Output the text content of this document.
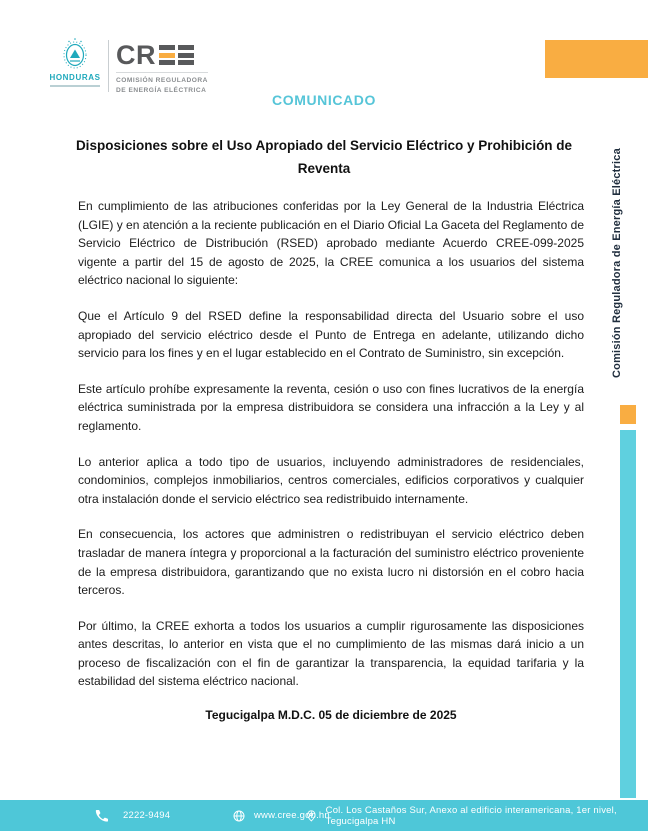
HONDURAS
CR
COMISIÓN REGULADORA
DE ENERGÍA ELÉCTRICA
COMUNICADO
Disposiciones sobre el Uso Apropiado del Servicio Eléctrico y Prohibición de Reventa

En cumplimiento de las atribuciones conferidas por la Ley General de la Industria Eléctrica (LGIE) y en atención a la reciente publicación en el Diario Oficial La Gaceta del Reglamento de Servicio Eléctrico de Distribución (RSED) aprobado mediante Acuerdo CREE-099-2025 vigente a partir del 15 de agosto de 2025, la CREE comunica a los usuarios del sistema eléctrico nacional lo siguiente:

Que el Artículo 9 del RSED define la responsabilidad directa del Usuario sobre el uso apropiado del servicio eléctrico desde el Punto de Entrega en adelante, utilizando dicho servicio para los fines y en el lugar establecido en el Contrato de Suministro, sin excepción.

Este artículo prohíbe expresamente la reventa, cesión o uso con fines lucrativos de la energía eléctrica suministrada por la empresa distribuidora se considera una infracción a la Ley y al reglamento.

Lo anterior aplica a todo tipo de usuarios, incluyendo administradores de residenciales, condominios, complejos inmobiliarios, centros comerciales, edificios corporativos y cualquier otra instalación donde el servicio eléctrico sea redistribuido internamente.

En consecuencia, los actores que administren o redistribuyan el servicio eléctrico deben trasladar de manera íntegra y proporcional a la facturación del suministro eléctrico proveniente de la empresa distribuidora, garantizando que no exista lucro ni distorsión en el cobro hacia terceros.

Por último, la CREE exhorta a todos los usuarios a cumplir rigurosamente las disposiciones antes descritas, lo anterior en vista que el no cumplimiento de las mismas dará inicio a un proceso de fiscalización con el fin de garantizar la transparencia, la equidad tarifaria y la estabilidad del sistema eléctrico nacional.

Tegucigalpa M.D.C. 05 de diciembre de 2025
Comisión Reguladora de Energía Eléctrica
2222-9494	www.cree.gob.hn
Col. Los Castaños Sur, Anexo al edificio interamericana, 1er nivel, Tegucigalpa HN
